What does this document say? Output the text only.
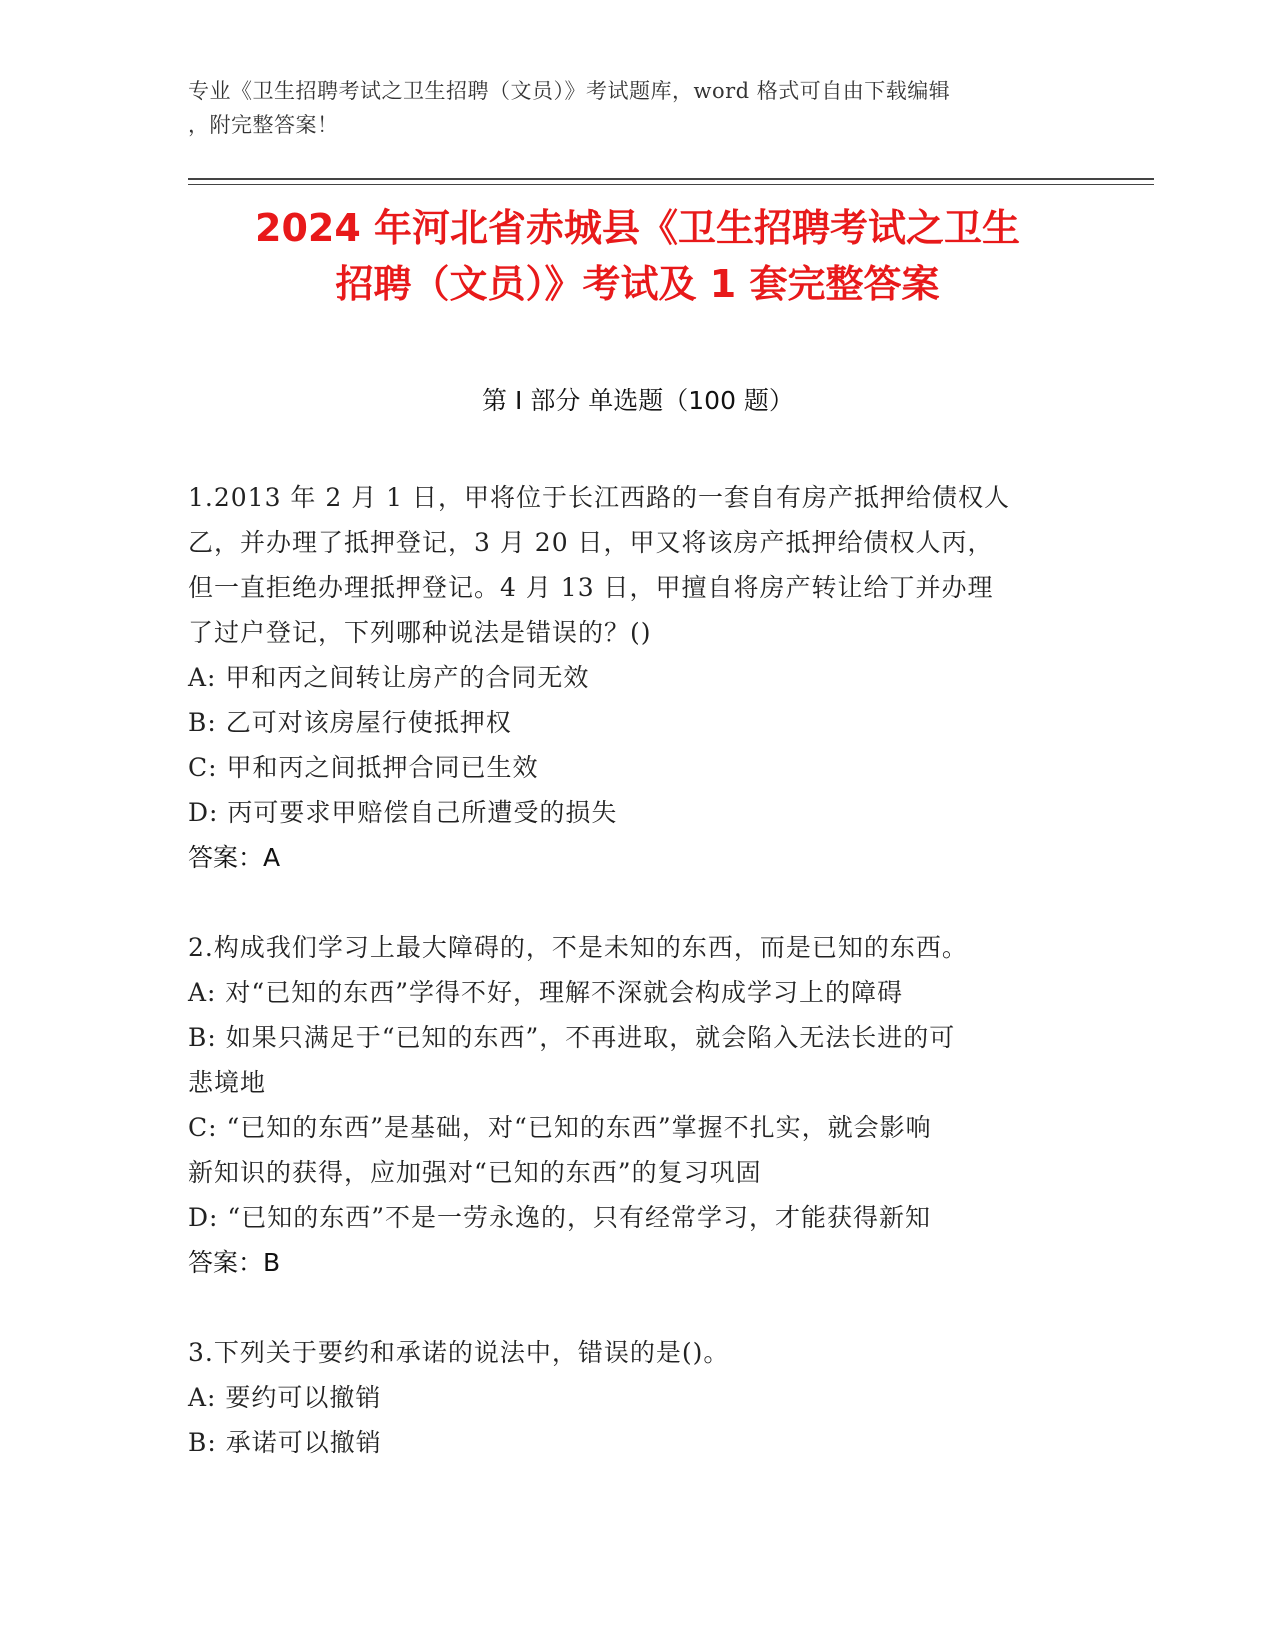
专业《卫生招聘考试之卫生招聘（文员）》考试题库，word 格式可自由下载编辑
，附完整答案！
2024 年河北省赤城县《卫生招聘考试之卫生
招聘（文员）》考试及 1 套完整答案
第 I 部分 单选题（100 题）
1.2013 年 2 月 1 日，甲将位于长江西路的一套自有房产抵押给债权人
乙，并办理了抵押登记，3 月 20 日，甲又将该房产抵押给债权人丙，
但一直拒绝办理抵押登记。4 月 13 日，甲擅自将房产转让给丁并办理
了过户登记，下列哪种说法是错误的？()
A: 甲和丙之间转让房产的合同无效
B: 乙可对该房屋行使抵押权
C: 甲和丙之间抵押合同已生效
D: 丙可要求甲赔偿自己所遭受的损失
答案：A
2.构成我们学习上最大障碍的，不是未知的东西，而是已知的东西。
A: 对“已知的东西”学得不好，理解不深就会构成学习上的障碍
B: 如果只满足于“已知的东西”，不再进取，就会陷入无法长进的可
悲境地
C: “已知的东西”是基础，对“已知的东西”掌握不扎实，就会影响
新知识的获得，应加强对“已知的东西”的复习巩固
D: “已知的东西”不是一劳永逸的，只有经常学习，才能获得新知
答案：B
3.下列关于要约和承诺的说法中，错误的是()。
A: 要约可以撤销
B: 承诺可以撤销
